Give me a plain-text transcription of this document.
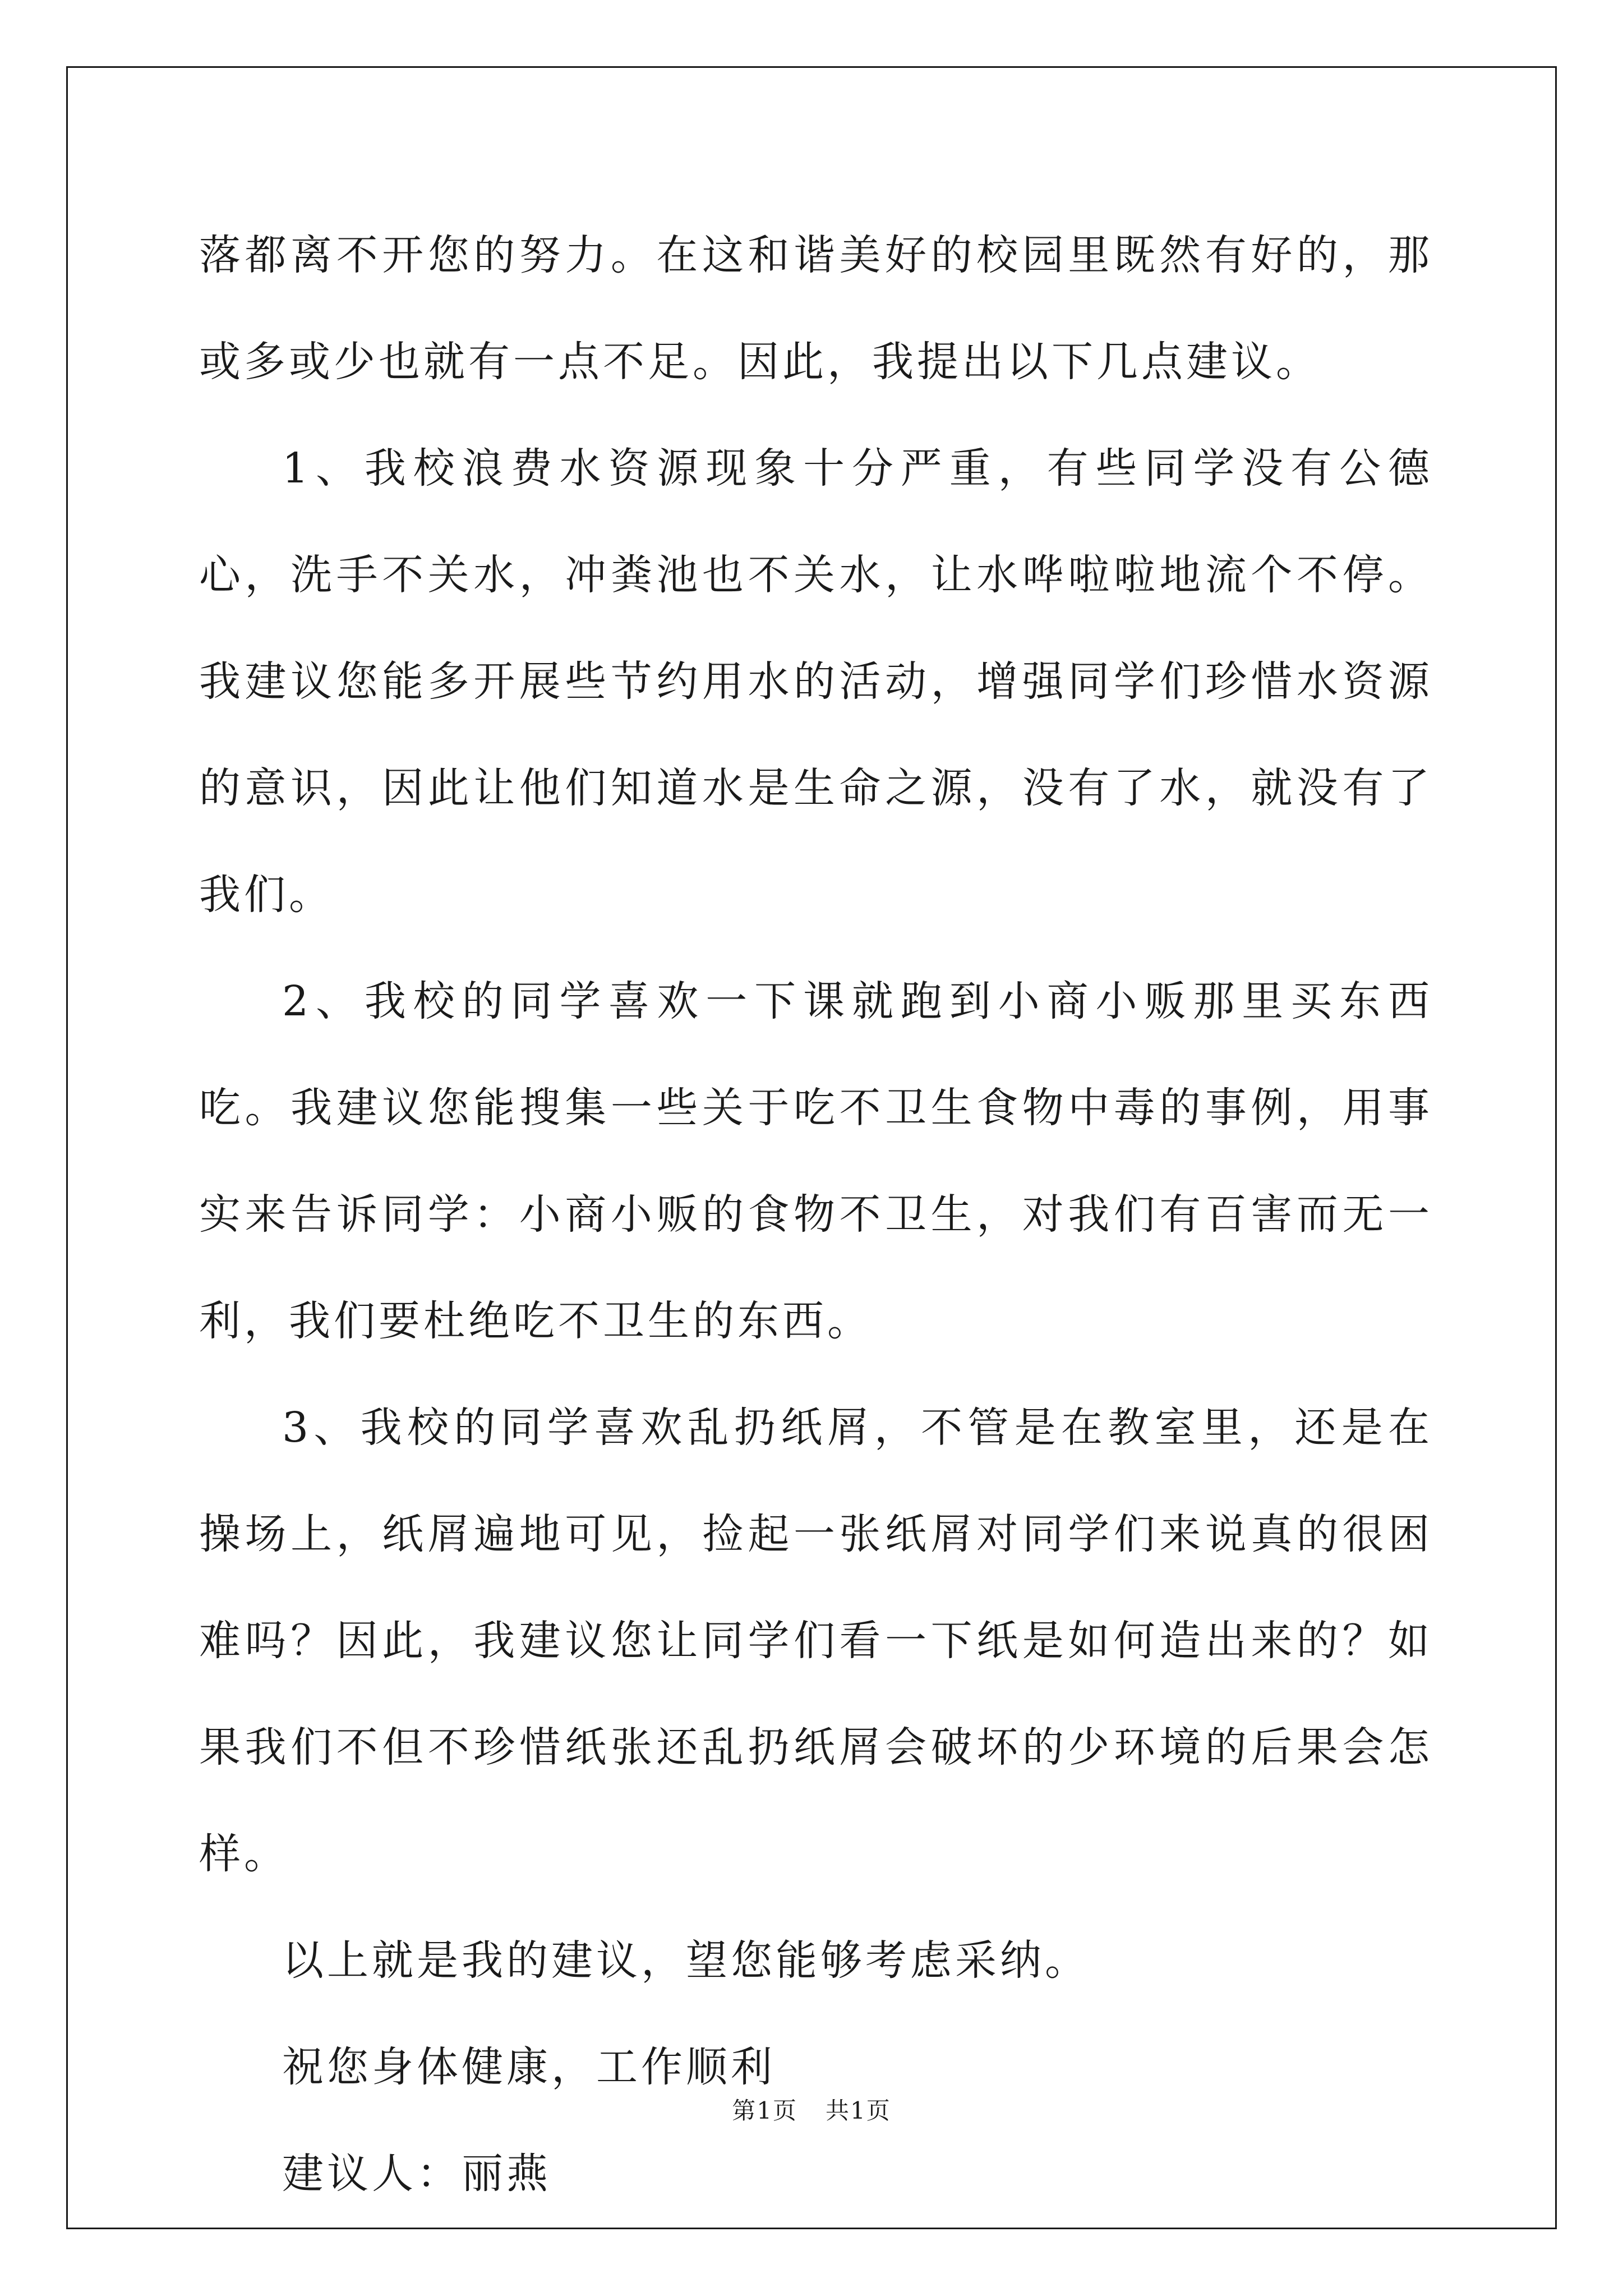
落都离不开您的努力。在这和谐美好的校园里既然有好的，那或多或少也就有一点不足。因此，我提出以下几点建议。

1、我校浪费水资源现象十分严重，有些同学没有公德心，洗手不关水，冲粪池也不关水，让水哗啦啦地流个不停。我建议您能多开展些节约用水的活动，增强同学们珍惜水资源的意识，因此让他们知道水是生命之源，没有了水，就没有了我们。

2、我校的同学喜欢一下课就跑到小商小贩那里买东西吃。我建议您能搜集一些关于吃不卫生食物中毒的事例，用事实来告诉同学：小商小贩的食物不卫生，对我们有百害而无一利，我们要杜绝吃不卫生的东西。

3、我校的同学喜欢乱扔纸屑，不管是在教室里，还是在操场上，纸屑遍地可见，捡起一张纸屑对同学们来说真的很困难吗？因此，我建议您让同学们看一下纸是如何造出来的？如果我们不但不珍惜纸张还乱扔纸屑会破坏的少环境的后果会怎样。

以上就是我的建议，望您能够考虑采纳。

祝您身体健康，工作顺利

建议人：丽燕

第1页 共1页
